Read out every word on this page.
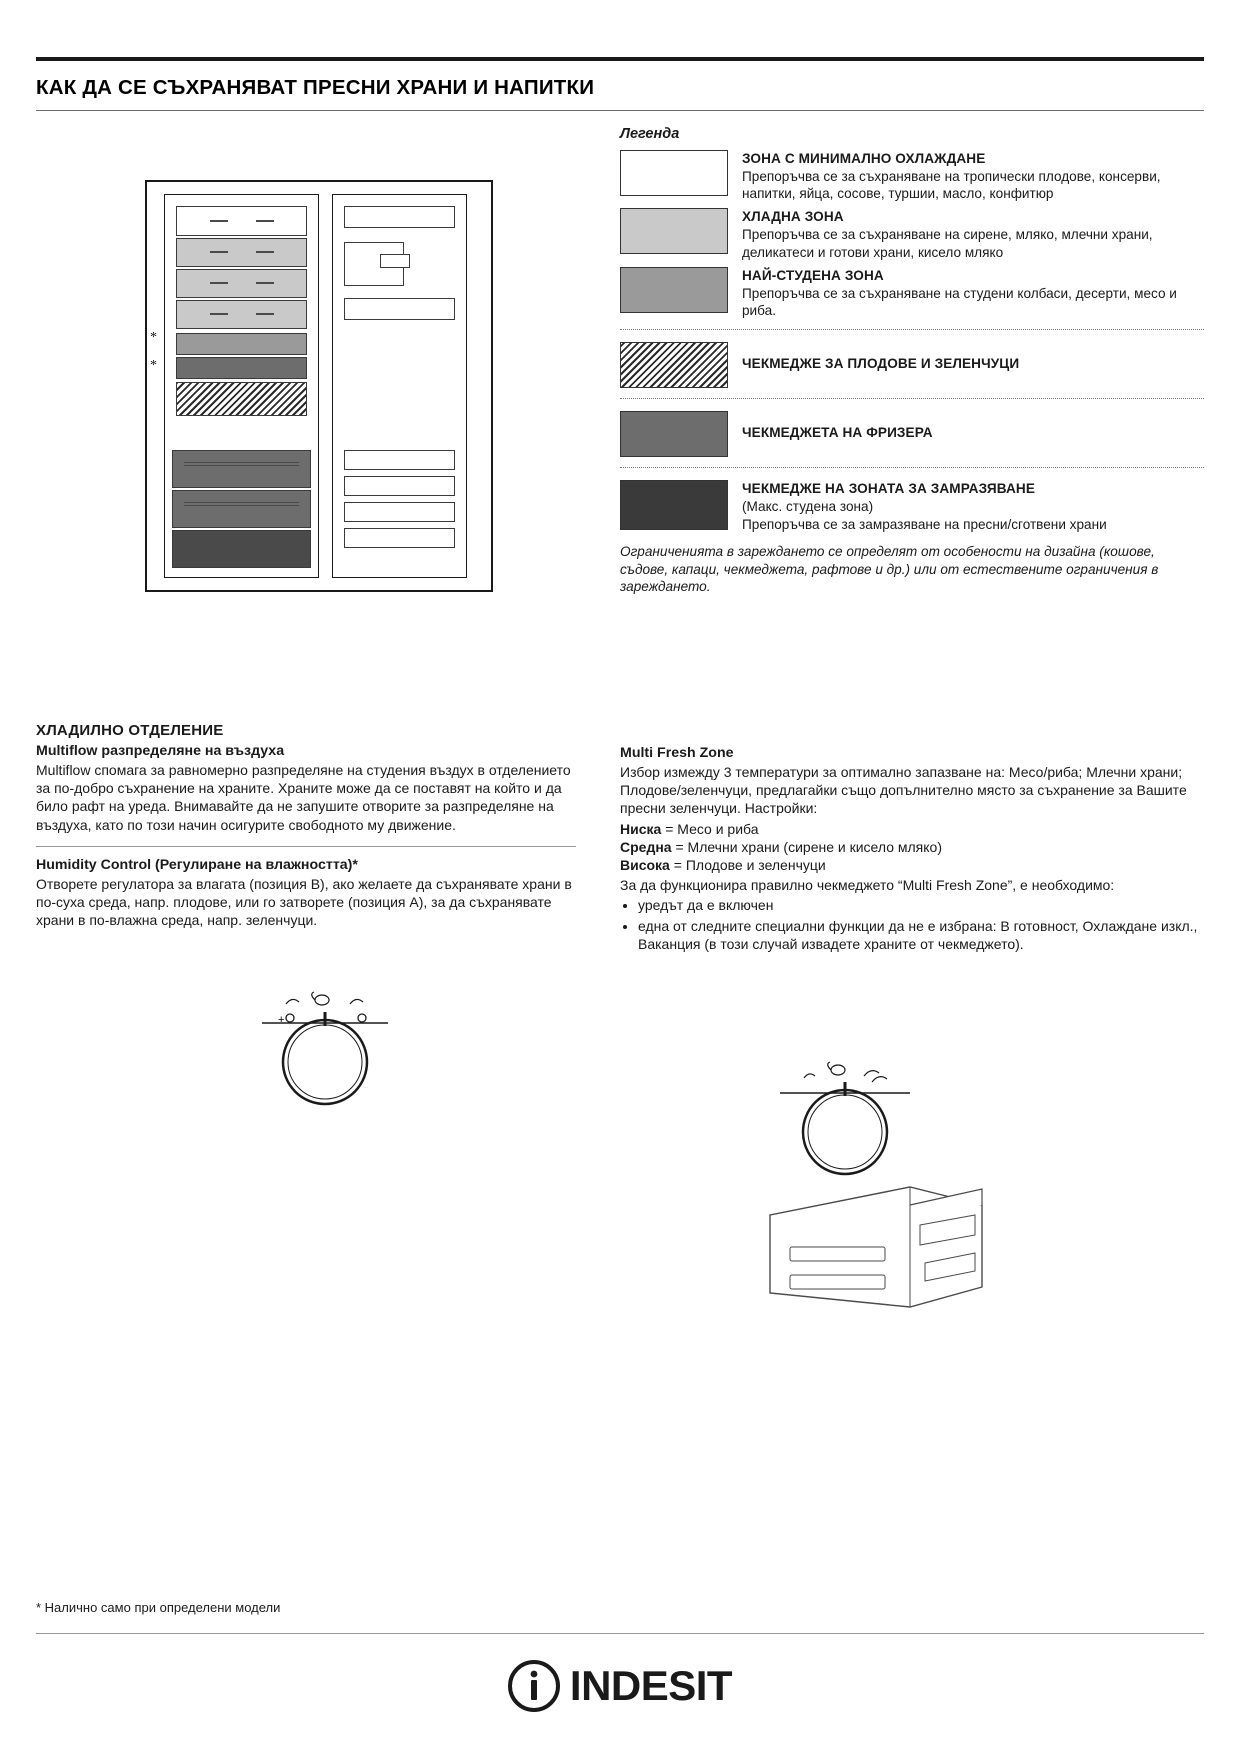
КАК ДА СЕ СЪХРАНЯВАТ ПРЕСНИ ХРАНИ И НАПИТКИ
*
*
Легенда
ЗОНА С МИНИМАЛНО ОХЛАЖДАНЕ
Препоръчва се за съхраняване на тропически плодове, консерви, напитки, яйца, сосове, туршии, масло, конфитюр
ХЛАДНА ЗОНА
Препоръчва се за съхраняване на сирене, мляко, млечни храни, деликатеси и готови храни, кисело мляко
НАЙ-СТУДЕНА ЗОНА
Препоръчва се за съхраняване на студени колбаси, десерти, месо и риба.
ЧЕКМЕДЖЕ ЗА ПЛОДОВЕ И ЗЕЛЕНЧУЦИ
ЧЕКМЕДЖЕТА НА ФРИЗЕРА
ЧЕКМЕДЖЕ НА ЗОНАТА ЗА ЗАМРАЗЯВАНЕ
(Макс. студена зона)
Препоръчва се за замразяване на пресни/сготвени храни
Ограниченията в зареждането се определят от особености на дизайна (кошове, съдове, капаци, чекмеджета, рафтове и др.) или от естествените ограничения в зареждането.
ХЛАДИЛНО ОТДЕЛЕНИЕ
Multiflow разпределяне на въздуха

Multiflow спомага за равномерно разпределяне на студения въздух в отделението за по-добро съхранение на храните. Храните може да се поставят на който и да било рафт на уреда. Внимавайте да не запушите отворите за разпределяне на въздуха, като по този начин осигурите свободното му движение.

Humidity Control (Регулиране на влажността)*

Отворете регулатора за влагата (позиция B), ако желаете да съхранявате храни в по-суха среда, напр. плодове, или го затворете (позиция A), за да съхранявате храни в по-влажна среда, напр. зеленчуци.

+
Multi Fresh Zone

Избор измежду 3 температури за оптимално запазване на: Месо/риба; Млечни храни; Плодове/зеленчуци, предлагайки също допълнително място за съхранение за Вашите пресни зеленчуци. Настройки:

Ниска = Месо и риба

Средна = Млечни храни (сирене и кисело мляко)

Висока = Плодове и зеленчуци

За да функционира правилно чекмеджето “Multi Fresh Zone”, е необходимо:

• уредът да е включен
• една от следните специални функции да не е избрана: В готовност, Охлаждане изкл., Ваканция (в този случай извадете храните от чекмеджето).
* Налично само при определени модели
INDESIT
